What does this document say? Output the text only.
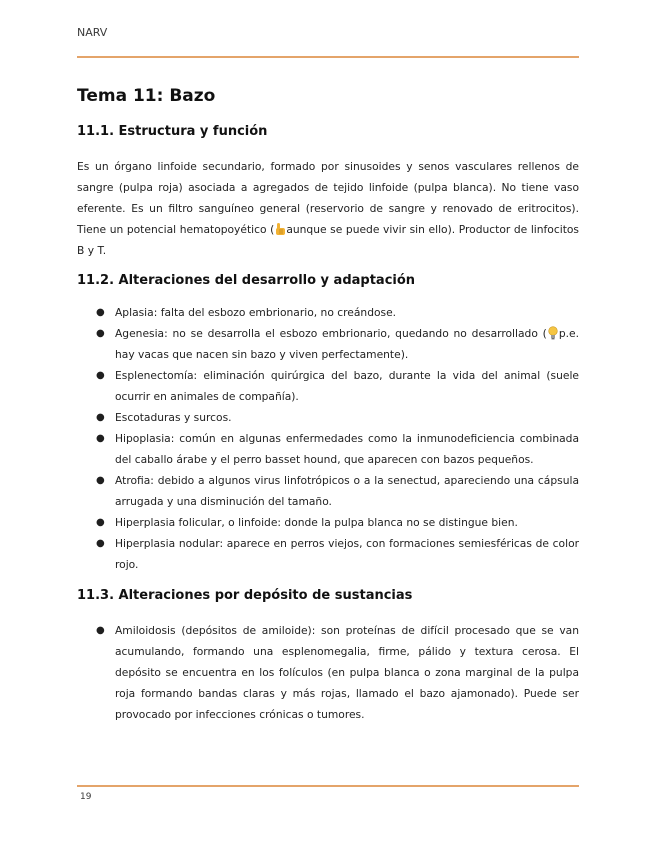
NARV
Tema 11: Bazo
11.1. Estructura y función

Es un órgano linfoide secundario, formado por sinusoides y senos vasculares rellenos de sangre (pulpa roja) asociada a agregados de tejido linfoide (pulpa blanca). No tiene vaso eferente. Es un filtro sanguíneo general (reservorio de sangre y renovado de eritrocitos). Tiene un potencial hematopoyético ( aunque se puede vivir sin ello). Productor de linfocitos B y T.

11.2. Alteraciones del desarrollo y adaptación
● Aplasia: falta del esbozo embrionario, no creándose.
● Agenesia: no se desarrolla el esbozo embrionario, quedando no desarrollado ( p.e. hay vacas que nacen sin bazo y viven perfectamente).
● Esplenectomía: eliminación quirúrgica del bazo, durante la vida del animal (suele ocurrir en animales de compañía).
● Escotaduras y surcos.
● Hipoplasia: común en algunas enfermedades como la inmunodeficiencia combinada del caballo árabe y el perro basset hound, que aparecen con bazos pequeños.
● Atrofia: debido a algunos virus linfotrópicos o a la senectud, apareciendo una cápsula arrugada y una disminución del tamaño.
● Hiperplasia folicular, o linfoide: donde la pulpa blanca no se distingue bien.
● Hiperplasia nodular: aparece en perros viejos, con formaciones semiesféricas de color rojo.
11.3. Alteraciones por depósito de sustancias
● Amiloidosis (depósitos de amiloide): son proteínas de difícil procesado que se van acumulando, formando una esplenomegalia, firme, pálido y textura cerosa. El depósito se encuentra en los folículos (en pulpa blanca o zona marginal de la pulpa roja formando bandas claras y más rojas, llamado el bazo ajamonado). Puede ser provocado por infecciones crónicas o tumores.
19
